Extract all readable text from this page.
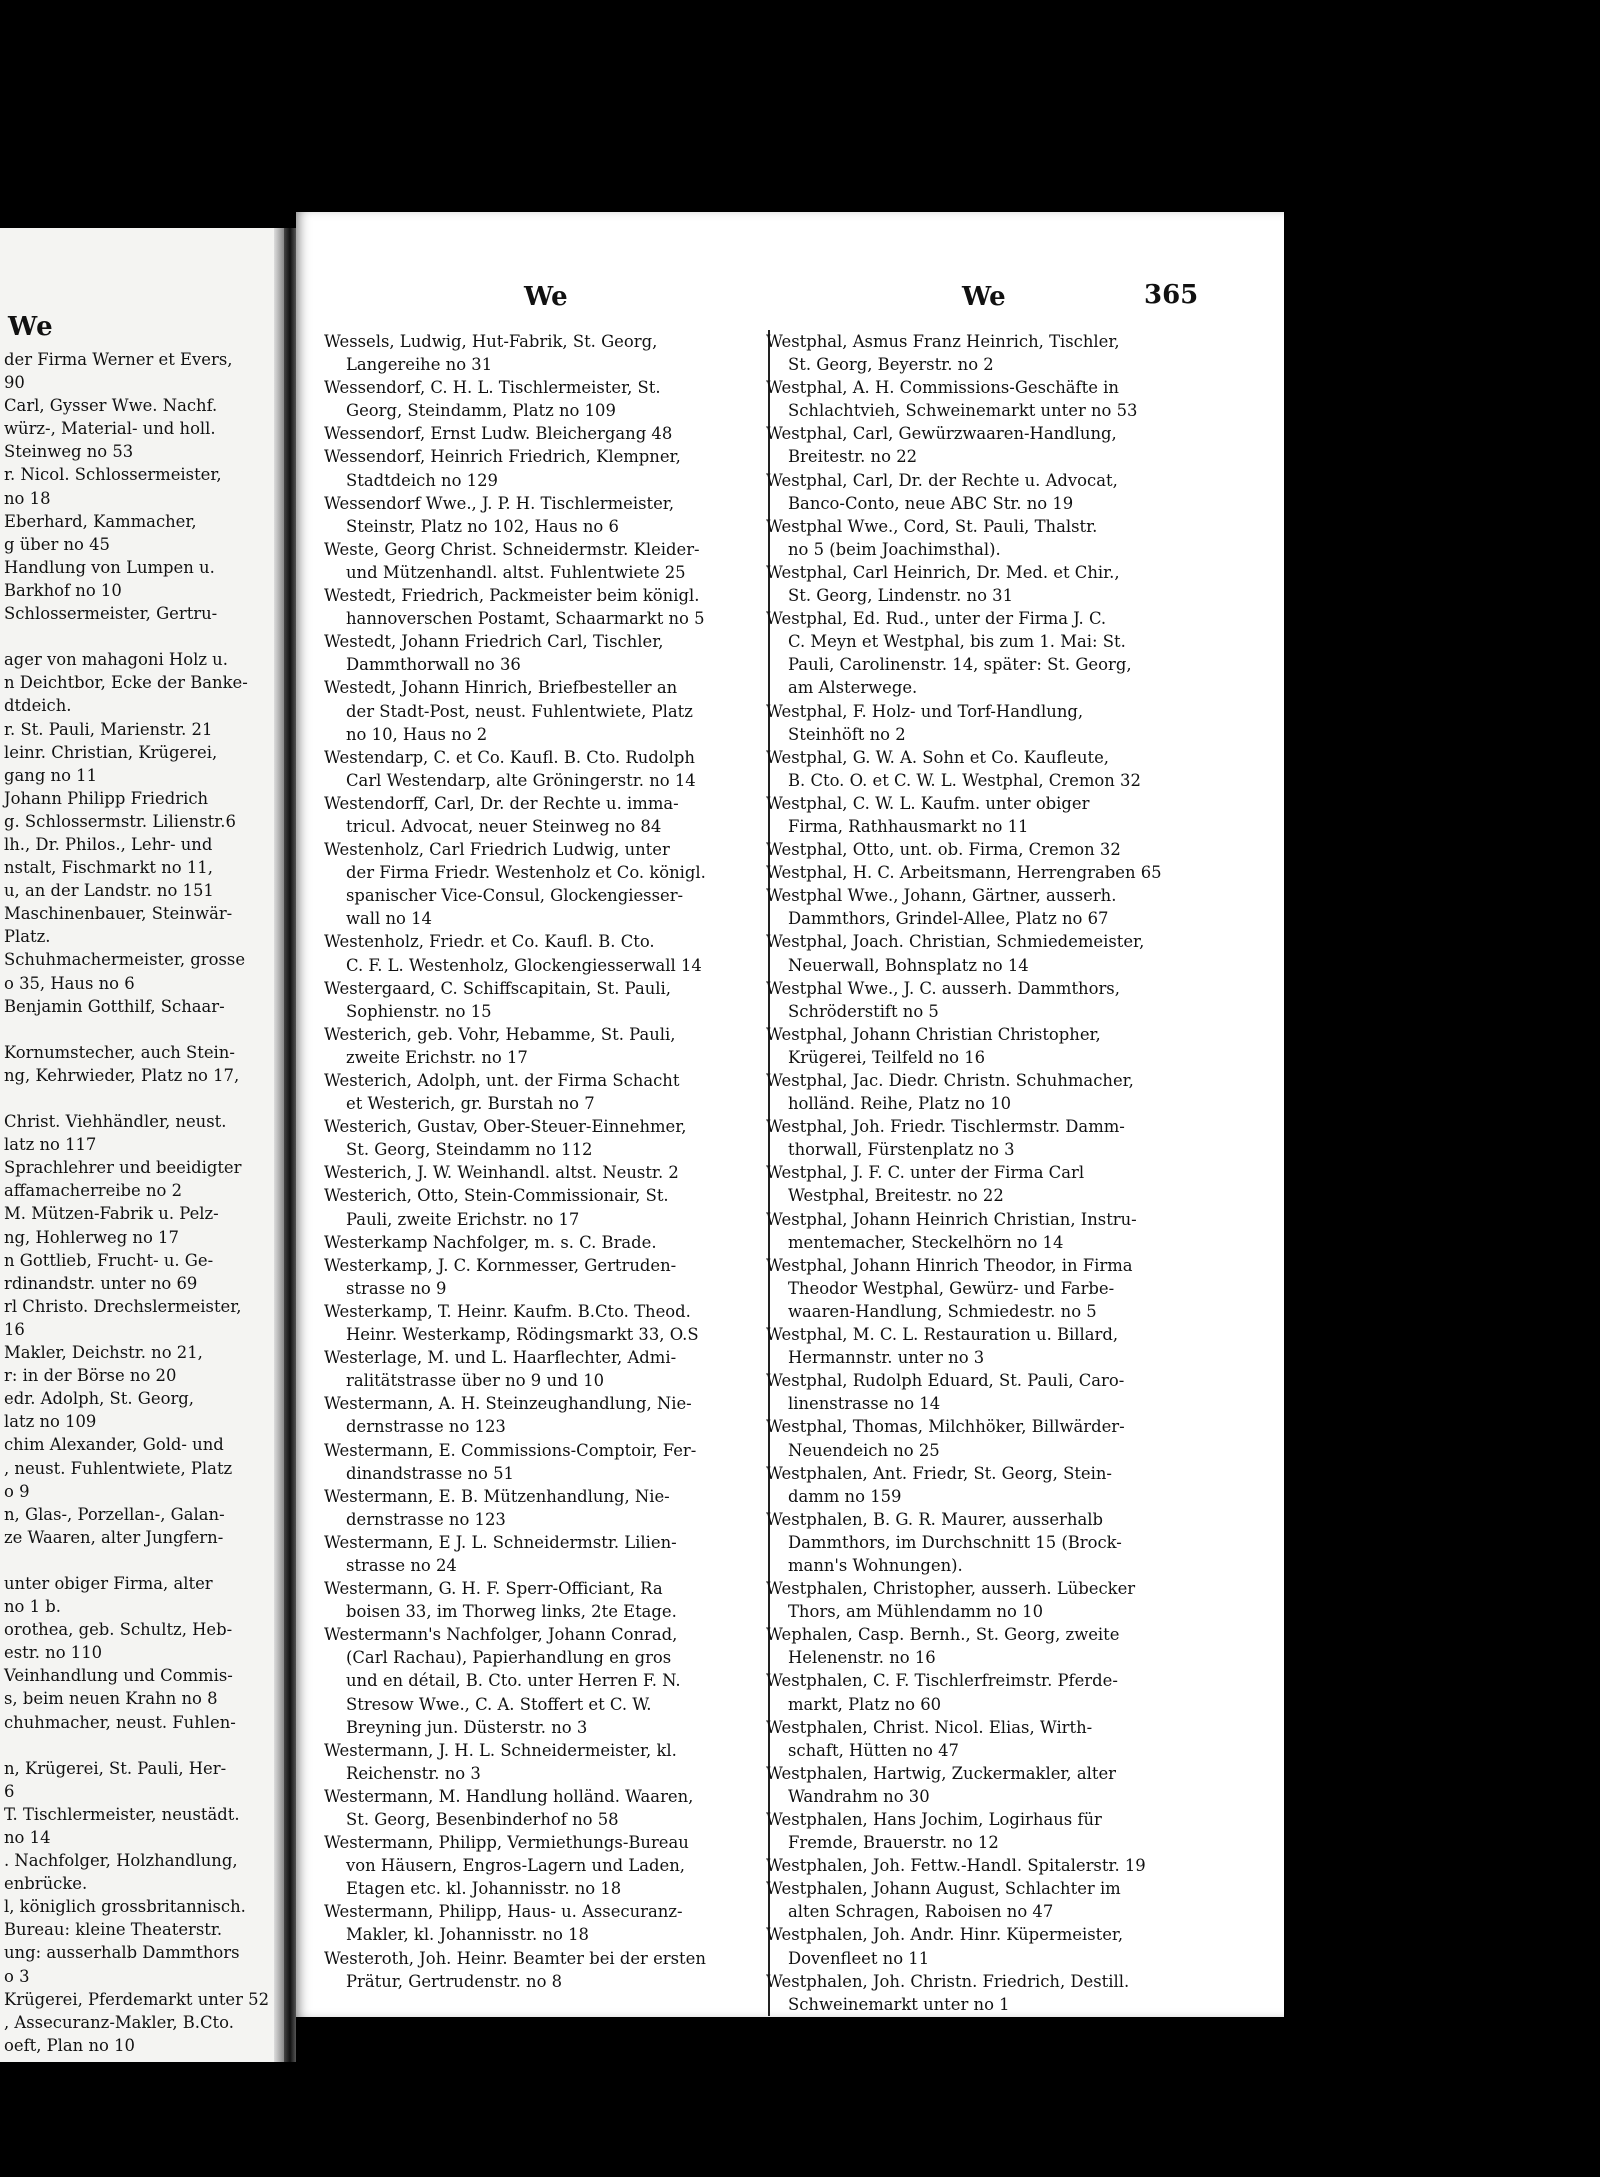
We
der Firma Werner et Evers,
90
Carl, Gysser Wwe. Nachf.
würz-, Material- und holl.
Steinweg no 53
r. Nicol. Schlossermeister,
no 18
Eberhard, Kammacher,
g über no 45
Handlung von Lumpen u.
Barkhof no 10
Schlossermeister, Gertru-

ager von mahagoni Holz u.
n Deichtbor, Ecke der Banke-
dtdeich.
r. St. Pauli, Marienstr. 21
leinr. Christian, Krügerei,
gang no 11
Johann Philipp Friedrich
g. Schlossermstr. Lilienstr.6
lh., Dr. Philos., Lehr- und
nstalt, Fischmarkt no 11,
u, an der Landstr. no 151
Maschinenbauer, Steinwär-
Platz.
Schuhmachermeister, grosse
o 35, Haus no 6
Benjamin Gotthilf, Schaar-

Kornumstecher, auch Stein-
ng, Kehrwieder, Platz no 17,

Christ. Viehhändler, neust.
latz no 117
Sprachlehrer und beeidigter
affamacherreibe no 2
M. Mützen-Fabrik u. Pelz-
ng, Hohlerweg no 17
n Gottlieb, Frucht- u. Ge-
rdinandstr. unter no 69
rl Christo. Drechslermeister,
16
Makler, Deichstr. no 21,
r: in der Börse no 20
edr. Adolph, St. Georg,
latz no 109
chim Alexander, Gold- und
, neust. Fuhlentwiete, Platz
o 9
n, Glas-, Porzellan-, Galan-
ze Waaren, alter Jungfern-

unter obiger Firma, alter
no 1 b.
orothea, geb. Schultz, Heb-
estr. no 110
Veinhandlung und Commis-
s, beim neuen Krahn no 8
chuhmacher, neust. Fuhlen-

n, Krügerei, St. Pauli, Her-
6
T. Tischlermeister, neustädt.
no 14
. Nachfolger, Holzhandlung,
enbrücke.
l, königlich grossbritannisch.
Bureau: kleine Theaterstr.
ung: ausserhalb Dammthors
o 3
Krügerei, Pferdemarkt unter 52
, Assecuranz-Makler, B.Cto.
oeft, Plan no 10
We	We	365
Wessels, Ludwig, Hut-Fabrik, St. Georg,
Langereihe no 31
Wessendorf, C. H. L. Tischlermeister, St.
Georg, Steindamm, Platz no 109
Wessendorf, Ernst Ludw. Bleichergang 48
Wessendorf, Heinrich Friedrich, Klempner,
Stadtdeich no 129
Wessendorf Wwe., J. P. H. Tischlermeister,
Steinstr, Platz no 102, Haus no 6
Weste, Georg Christ. Schneidermstr. Kleider-
und Mützenhandl. altst. Fuhlentwiete 25
Westedt, Friedrich, Packmeister beim königl.
hannoverschen Postamt, Schaarmarkt no 5
Westedt, Johann Friedrich Carl, Tischler,
Dammthorwall no 36
Westedt, Johann Hinrich, Briefbesteller an
der Stadt-Post, neust. Fuhlentwiete, Platz
no 10, Haus no 2
Westendarp, C. et Co. Kaufl. B. Cto. Rudolph
Carl Westendarp, alte Gröningerstr. no 14
Westendorff, Carl, Dr. der Rechte u. imma-
tricul. Advocat, neuer Steinweg no 84
Westenholz, Carl Friedrich Ludwig, unter
der Firma Friedr. Westenholz et Co. königl.
spanischer Vice-Consul, Glockengiesser-
wall no 14
Westenholz, Friedr. et Co. Kaufl. B. Cto.
C. F. L. Westenholz, Glockengiesserwall 14
Westergaard, C. Schiffscapitain, St. Pauli,
Sophienstr. no 15
Westerich, geb. Vohr, Hebamme, St. Pauli,
zweite Erichstr. no 17
Westerich, Adolph, unt. der Firma Schacht
et Westerich, gr. Burstah no 7
Westerich, Gustav, Ober-Steuer-Einnehmer,
St. Georg, Steindamm no 112
Westerich, J. W. Weinhandl. altst. Neustr. 2
Westerich, Otto, Stein-Commissionair, St.
Pauli, zweite Erichstr. no 17
Westerkamp Nachfolger, m. s. C. Brade.
Westerkamp, J. C. Kornmesser, Gertruden-
strasse no 9
Westerkamp, T. Heinr. Kaufm. B.Cto. Theod.
Heinr. Westerkamp, Rödingsmarkt 33, O.S
Westerlage, M. und L. Haarflechter, Admi-
ralitätstrasse über no 9 und 10
Westermann, A. H. Steinzeughandlung, Nie-
dernstrasse no 123
Westermann, E. Commissions-Comptoir, Fer-
dinandstrasse no 51
Westermann, E. B. Mützenhandlung, Nie-
dernstrasse no 123
Westermann, E J. L. Schneidermstr. Lilien-
strasse no 24
Westermann, G. H. F. Sperr-Officiant, Ra
boisen 33, im Thorweg links, 2te Etage.
Westermann's Nachfolger, Johann Conrad,
(Carl Rachau), Papierhandlung en gros
und en détail, B. Cto. unter Herren F. N.
Stresow Wwe., C. A. Stoffert et C. W.
Breyning jun. Düsterstr. no 3
Westermann, J. H. L. Schneidermeister, kl.
Reichenstr. no 3
Westermann, M. Handlung holländ. Waaren,
St. Georg, Besenbinderhof no 58
Westermann, Philipp, Vermiethungs-Bureau
von Häusern, Engros-Lagern und Laden,
Etagen etc. kl. Johannisstr. no 18
Westermann, Philipp, Haus- u. Assecuranz-
Makler, kl. Johannisstr. no 18
Westeroth, Joh. Heinr. Beamter bei der ersten
Prätur, Gertrudenstr. no 8
Westphal, Asmus Franz Heinrich, Tischler,
St. Georg, Beyerstr. no 2
Westphal, A. H. Commissions-Geschäfte in
Schlachtvieh, Schweinemarkt unter no 53
Westphal, Carl, Gewürzwaaren-Handlung,
Breitestr. no 22
Westphal, Carl, Dr. der Rechte u. Advocat,
Banco-Conto, neue ABC Str. no 19
Westphal Wwe., Cord, St. Pauli, Thalstr.
no 5 (beim Joachimsthal).
Westphal, Carl Heinrich, Dr. Med. et Chir.,
St. Georg, Lindenstr. no 31
Westphal, Ed. Rud., unter der Firma J. C.
C. Meyn et Westphal, bis zum 1. Mai: St.
Pauli, Carolinenstr. 14, später: St. Georg,
am Alsterwege.
Westphal, F. Holz- und Torf-Handlung,
Steinhöft no 2
Westphal, G. W. A. Sohn et Co. Kaufleute,
B. Cto. O. et C. W. L. Westphal, Cremon 32
Westphal, C. W. L. Kaufm. unter obiger
Firma, Rathhausmarkt no 11
Westphal, Otto, unt. ob. Firma, Cremon 32
Westphal, H. C. Arbeitsmann, Herrengraben 65
Westphal Wwe., Johann, Gärtner, ausserh.
Dammthors, Grindel-Allee, Platz no 67
Westphal, Joach. Christian, Schmiedemeister,
Neuerwall, Bohnsplatz no 14
Westphal Wwe., J. C. ausserh. Dammthors,
Schröderstift no 5
Westphal, Johann Christian Christopher,
Krügerei, Teilfeld no 16
Westphal, Jac. Diedr. Christn. Schuhmacher,
holländ. Reihe, Platz no 10
Westphal, Joh. Friedr. Tischlermstr. Damm-
thorwall, Fürstenplatz no 3
Westphal, J. F. C. unter der Firma Carl
Westphal, Breitestr. no 22
Westphal, Johann Heinrich Christian, Instru-
mentemacher, Steckelhörn no 14
Westphal, Johann Hinrich Theodor, in Firma
Theodor Westphal, Gewürz- und Farbe-
waaren-Handlung, Schmiedestr. no 5
Westphal, M. C. L. Restauration u. Billard,
Hermannstr. unter no 3
Westphal, Rudolph Eduard, St. Pauli, Caro-
linenstrasse no 14
Westphal, Thomas, Milchhöker, Billwärder-
Neuendeich no 25
Westphalen, Ant. Friedr, St. Georg, Stein-
damm no 159
Westphalen, B. G. R. Maurer, ausserhalb
Dammthors, im Durchschnitt 15 (Brock-
mann's Wohnungen).
Westphalen, Christopher, ausserh. Lübecker
Thors, am Mühlendamm no 10
Wephalen, Casp. Bernh., St. Georg, zweite
Helenenstr. no 16
Westphalen, C. F. Tischlerfreimstr. Pferde-
markt, Platz no 60
Westphalen, Christ. Nicol. Elias, Wirth-
schaft, Hütten no 47
Westphalen, Hartwig, Zuckermakler, alter
Wandrahm no 30
Westphalen, Hans Jochim, Logirhaus für
Fremde, Brauerstr. no 12
Westphalen, Joh. Fettw.-Handl. Spitalerstr. 19
Westphalen, Johann August, Schlachter im
alten Schragen, Raboisen no 47
Westphalen, Joh. Andr. Hinr. Küpermeister,
Dovenfleet no 11
Westphalen, Joh. Christn. Friedrich, Destill.
Schweinemarkt unter no 1
